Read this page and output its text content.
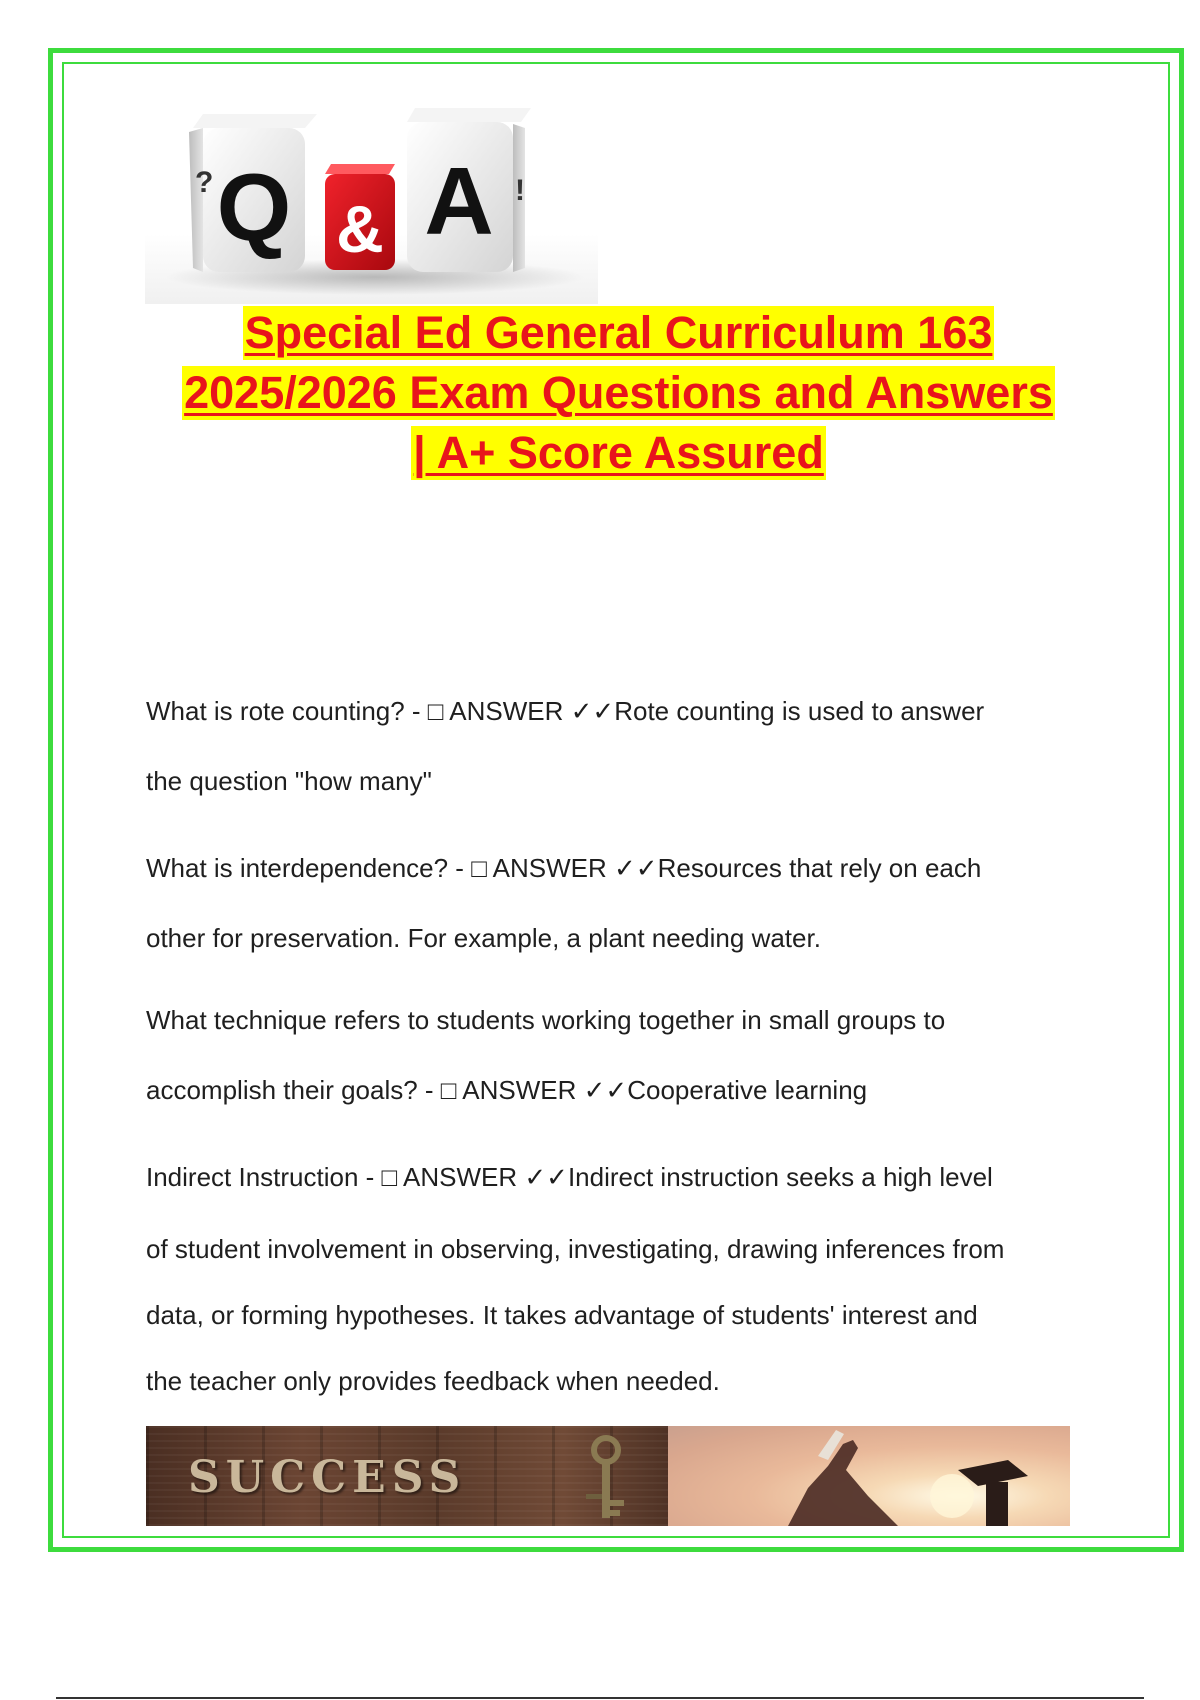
Q
? A !
&
Special Ed General Curriculum 163
2025/2026 Exam Questions and Answers
| A+ Score Assured

What is rote counting? - □ ANSWER ✓✓Rote counting is used to answer

the question "how many"

What is interdependence? - □ ANSWER ✓✓Resources that rely on each

other for preservation. For example, a plant needing water.

What technique refers to students working together in small groups to

accomplish their goals? - □ ANSWER ✓✓Cooperative learning

Indirect Instruction - □ ANSWER ✓✓Indirect instruction seeks a high level

of student involvement in observing, investigating, drawing inferences from

data, or forming hypotheses. It takes advantage of students' interest and

the teacher only provides feedback when needed.

SUCCESS
